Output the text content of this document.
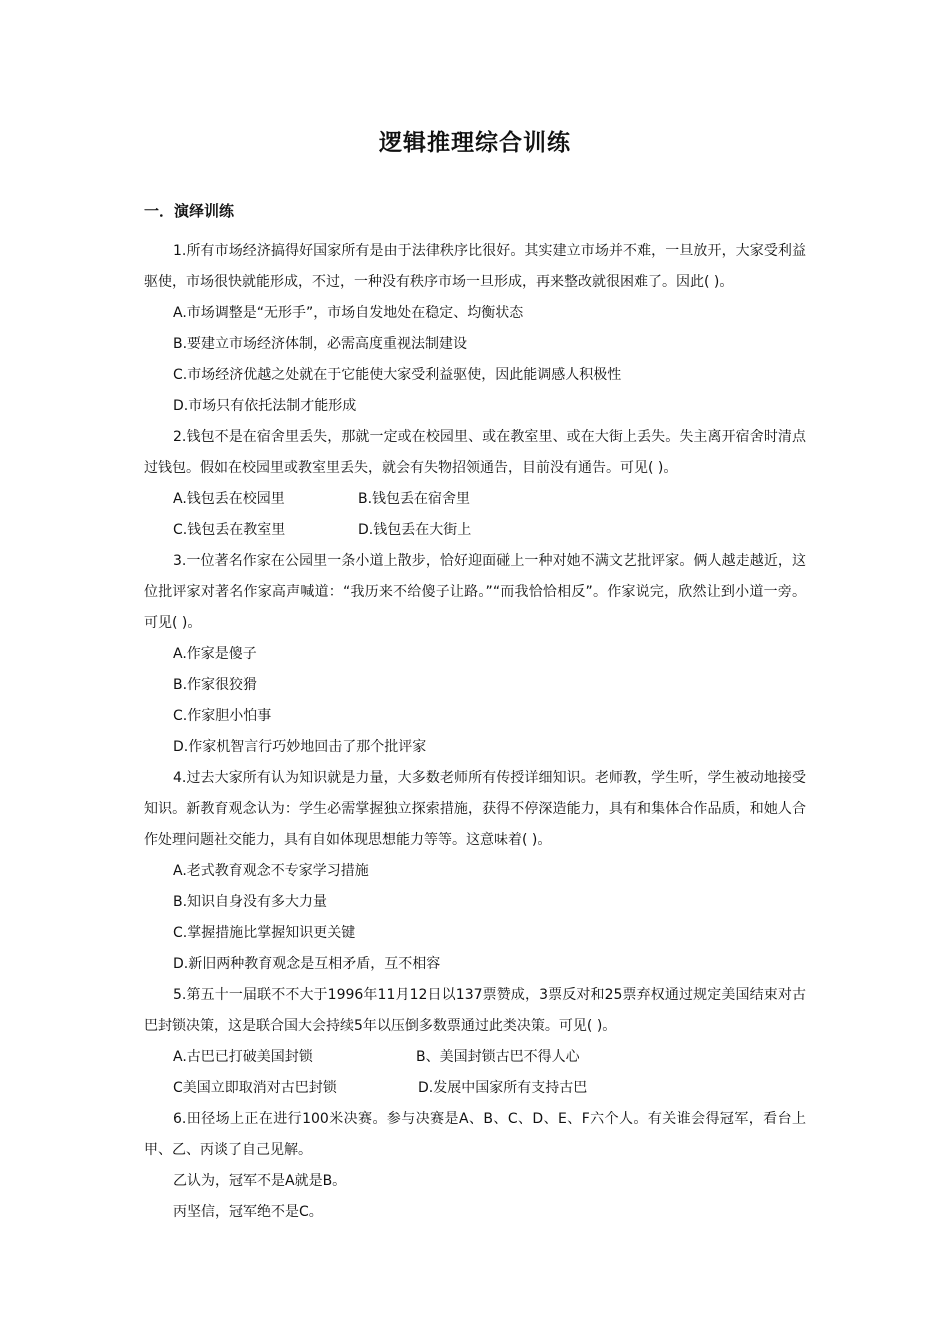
逻辑推理综合训练
一．演绎训练

1.所有市场经济搞得好国家所有是由于法律秩序比很好。其实建立市场并不难，一旦放开，大家受利益驱使，市场很快就能形成，不过，一种没有秩序市场一旦形成，再来整改就很困难了。因此( )。

A.市场调整是“无形手”，市场自发地处在稳定、均衡状态

B.要建立市场经济体制，必需高度重视法制建设

C.市场经济优越之处就在于它能使大家受利益驱使，因此能调感人积极性

D.市场只有依托法制才能形成

2.钱包不是在宿舍里丢失，那就一定或在校园里、或在教室里、或在大街上丢失。失主离开宿舍时清点过钱包。假如在校园里或教室里丢失，就会有失物招领通告，目前没有通告。可见( )。

A.钱包丢在校园里	B.钱包丢在宿舍里
C.钱包丢在教室里	D.钱包丢在大街上

3.一位著名作家在公园里一条小道上散步，恰好迎面碰上一种对她不满文艺批评家。俩人越走越近，这位批评家对著名作家高声喊道：“我历来不给傻子让路。”“而我恰恰相反”。作家说完，欣然让到小道一旁。可见( )。

A.作家是傻子

B.作家很狡猾

C.作家胆小怕事

D.作家机智言行巧妙地回击了那个批评家

4.过去大家所有认为知识就是力量，大多数老师所有传授详细知识。老师教，学生听，学生被动地接受知识。新教育观念认为：学生必需掌握独立探索措施，获得不停深造能力，具有和集体合作品质，和她人合作处理问题社交能力，具有自如体现思想能力等等。这意味着( )。

A.老式教育观念不专家学习措施

B.知识自身没有多大力量

C.掌握措施比掌握知识更关键

D.新旧两种教育观念是互相矛盾，互不相容

5.第五十一届联不不大于1996年11月12日以137票赞成，3票反对和25票弃权通过规定美国结束对古巴封锁决策，这是联合国大会持续5年以压倒多数票通过此类决策。可见( )。

A.古巴已打破美国封锁	B、美国封锁古巴不得人心
C美国立即取消对古巴封锁	D.发展中国家所有支持古巴

6.田径场上正在进行100米决赛。参与决赛是A、B、C、D、E、F六个人。有关谁会得冠军，看台上甲、乙、丙谈了自己见解。

乙认为，冠军不是A就是B。

丙坚信，冠军绝不是C。
